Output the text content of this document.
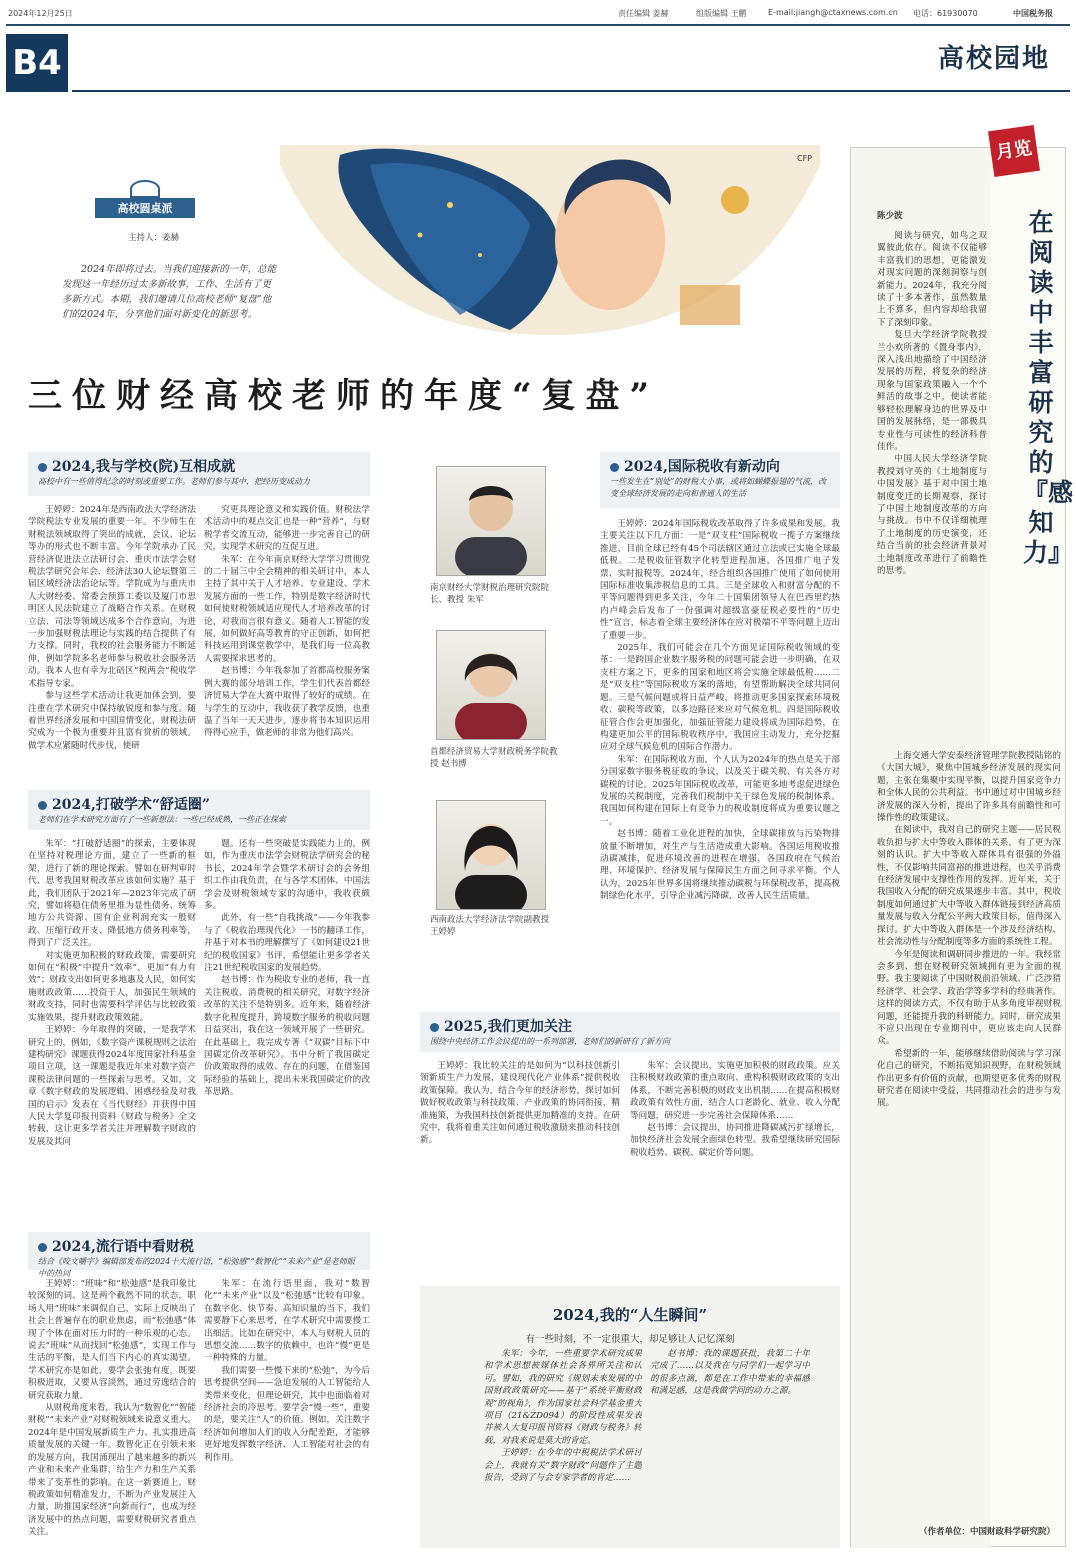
2024年12月25日	责任编辑 姜赫	组版编辑 王鹏	E-mail:jiangh@ctaxnews.com.cn 电话：61930070	中国税务报
B4	高校园地
CFP
高校圆桌派
主持人：姜赫
2024年即将过去。当我们迎接新的一年，总能发现这一年经历过太多新故事，工作、生活有了更多新方式。本期，我们邀请几位高校老师“复盘”他们的2024年，分享他们面对新变化的新思考。
三位财经高校老师的年度“复盘”
2024,我与学校(院)互相成就
高校中有一些值得纪念的时刻或重要工作。老师们参与其中，把经历变成动力

王婷婷：2024年是西南政法大学经济法学院税法专业发展的重要一年。不少师生在财税法领域取得了突出的成就，会议、论坛等办的形式也不断丰富。今年学院承办了民营经济促进法立法研讨会、重庆市法学会财税法学研究会年会、经济法30人论坛暨第三届区域经济法治论坛等。学院成为与重庆市人大财经委、常委会预算工委以及厦门市思明区人民法院建立了战略合作关系。在财税立法、司法等领域达成多个合作意向，为进一步加强财税法理论与实践的结合提供了有力支撑。同时，我校的社会服务能力不断延伸，例如学院多名老师参与税收社会服务活动。我本人也有幸为北碚区“税两会”税收学术指导专家。

参与这些学术活动让我更加体会到，要注重在学术研究中保持敏锐度和参与度。随着世界经济发展和中国国情变化，财税法研究成为一个极为重要并且富有赏析的领域。做学术应紧随时代步伐，使研

究更具理论意义和实践价值。财税法学术活动中的观点交汇也是一种“营养”，与财税学者交流互动，能够进一步完善自己的研究，实现学术研究的互促互进。

朱军：在今年南京财经大学学习贯彻党的二十届三中全会精神的相关研讨中，本人主持了其中关于人才培养、专业建设、学术发展方面的一些工作，特别是数字经济时代如何使财税领域适应现代人才培养改革的讨论，对我而言很有意义。随着人工智能的发展，如何做好高等教育的守正创新，如何把科技运用到课堂教学中，是我们每一位高教人需要探求思考的。

赵书博：今年我参加了首都高校服务案例大赛的部分培训工作，学生们代表首都经济贸易大学在大赛中取得了较好的成绩。在与学生的互动中，我收获了教学反馈，也重温了当年一天天进步，逐步将书本知识运用得得心应手，做老师的非常为他们高兴。

2024,打破学术“舒适圈”
老师们在学术研究方面有了一些新想法：一些已经成熟，一些正在探索

朱军：“打破舒适圈”的探索，主要体现在坚持对税理论方面，建立了一些新的框架，进行了新的理论探索。譬如在研判审时代、思考我国财税改革应该如何实施？基于此，我们团队于2021年—2023年完成了研究，譬如将稳住债务里推为显性债务、统筹地方公共资源、国有企业利润充实一般财政、压缩行政开支、降低地方债务利率等，得到了广泛关注。

对实施更加积极的财政政策，需要研究如何在“积极”中提升“效率”，更加“有力有效”；财政支出如何更多地惠及人民，如何实施财政政策……投资于人，加强民生领域的财政支持，同时也需要科学评估与比较政策实施效果，提升财政政策效能。

王婷婷：今年取得的突破，一是我学术研究上的，例如，《数字资产课税规则之法治建构研究》课题获得2024年度国家社科基金项目立项，这一课题是我近年来对数字资产课税法律问题的一些探索与思考。又如，文章《数字财政的发展逻辑、困惑经验及对我国的启示》发表在《当代财经》并获得中国人民大学复印报刊资料《财政与税务》全文转载，这让更多学者关注并理解数字财政的发展及其问

题。还有一些突破是实践能力上的，例如，作为重庆市法学会财税法学研究会的秘书长，2024年学会暨学术研讨会的会务组织工作由我负责，在与各学术团体、中国法学会及财税领域专家的沟通中，我收获颇多。

此外，有一些“自我挑战”——今年我参与了《税收治理现代化》一书的翻译工作，并基于对本书的理解撰写了《如何建设21世纪的税收国家》书评，希望能让更多学者关注21世纪税收国家的发展趋势。

赵书博：作为税收专业的老师，我一直关注税收、消费税的相关研究，对数字经济改革的关注不是特别多。近年来，随着经济数字化程度提升，跨境数字服务的税收问题日益突出，我在这一领域开展了一些研究。在此基础上，我完成专著《“双碳”目标下中国碳定价改革研究》。书中分析了我国碳定价政策取得的成效、存在的问题，在借鉴国际经验的基础上，提出未来我国碳定价的改革思路。

2024,流行语中看财税
结合《咬文嚼字》编辑部发布的2024十大流行语，“松弛感”“数智化”“未来产业”是老师眼中的热词

王婷婷：“班味”和“松弛感”是我印象比较深刻的词。这是两个截然不同的状态，职场人用“班味”来调侃自己，实际上反映出了社会上普遍存在的职业焦虑，而“松弛感”体现了个体在面对压力时的一种乐观的心态。说去“班味”从而找回“松弛感”，实现工作与生活的平衡，是人们当下内心的真实渴望。学术研究亦是如此，要学会张弛有度，既要积极进取，又要从容淡然，通过劳逸结合的研究获取力量。

从财税角度来看，我认为“数智化”“智能财税”“未来产业”对财税领域来说意义重大。2024年是中国发展新质生产力、扎实推进高质量发展的关键一年。数智化正在引领未来的发展方向，我国涌现出了越来越多的新兴产业和未来产业集群，给生产力和生产关系带来了变革性的影响。在这一新赛道上，财税政策如何精准发力，不断为产业发展注入力量，助推国家经济“向新而行”，也成为经济发展中的热点问题，需要财税研究者重点关注。

朱军：在流行语里面，我对“数智化”“未来产业”以及“松弛感”比较有印象。在数字化、快节奏、高知识量的当下，我们需要静下心来思考，在学术研究中需要慢工出细活。比如在研究中，本人与财税人员的思想交流……数字的依赖中，也许“慢”更是一种特殊的力量。

我们需要一些慢下来的“松弛”，为今后思考提供空间——急迫发展的人工智能给人类带来变化，但理论研究，其中也面临着对经济社会的冷思考。要学会“慢一些”，重要的是，要关注“人”的价值。例如，关注数字经济如何增加人们的收入分配差距，才能够更好地发挥数字经济、人工智能对社会的有利作用。

南京财经大学财税治理研究院院长、教授 朱军
首都经济贸易大学财政税务学院教授 赵书博
西南政法大学经济法学院副教授 王婷婷
2024,国际税收有新动向
一些发生在“别处”的财税大小事，或将如蝴蝶振翅的气流，改变全球经济发展的走向和普通人的生活

王婷婷：2024年国际税收改革取得了许多成果和发展。我主要关注以下几方面：一是“双支柱”国际税收一揽子方案继续推进，目前全球已经有45个司法辖区通过立法或已实施全球最低税。二是税收征管数字化转型进程加速，各国推广电子发票、实时报税等。2024年，经合组织各国推广使用了如何使用国际标准收集涉税信息的工具。三是全球收入和财富分配的不平等问题得到更多关注，今年二十国集团领导人在巴西里约热内卢峰会后发布了一份强调对超级富豪征税必要性的“历史性”宣言，标志着全球主要经济体在应对极端不平等问题上迈出了重要一步。

2025年，我们可能会在几个方面见证国际税收领域的变革：一是跨国企业数字服务税的问题可能会进一步明确，在双支柱方案之下，更多的国家和地区将会实施全球最低税……二是“双支柱”等国际税收方案的落地，有望帮助解决全球共同问题。三是气候问题或将日益严峻，将推动更多国家探索环境税收、碳税等政策，以多边路径来应对气候危机。四是国际税收征管合作会更加强化，加强征管能力建设将成为国际趋势，在构建更加公平的国际税收秩序中，我国应主动发力，充分挖掘应对全球气候危机的国际合作潜力。

朱军：在国际税收方面，个人认为2024年的热点是关于部分国家数字服务税征收的争议，以及关于碳关税、有关各方对碳税的讨论。2025年国际税收改革，可能更多地考虑促进绿色发展的关税制度，完善我们税制中关于绿色发展的税制体系。我国如何构建在国际上有竞争力的税收制度将成为重要议题之一。

赵书博：随着工业化进程的加快，全球碳排放与污染物排放量不断增加，对生产与生活造成重大影响。各国运用税收推动碳减排，促进环境改善的进程在增强，各国政府在气候治理、环境保护、经济发展与保障民生方面之间寻求平衡。个人认为，2025年世界多国将继续推动碳税与环保税改革，提高税制绿色化水平，引导企业减污降碳，改善人民生活质量。

2025,我们更加关注
围绕中央经济工作会议提出的一系列部署，老师们的新研有了新方向

王婷婷：我比较关注的是如何为“以科技创新引领新质生产力发展，建设现代化产业体系”提供税收政策保障。我认为，结合今年的经济形势，探讨如何做好税收政策与科技政策、产业政策的协同衔接，精准施策，为我国科技创新提供更加精准的支持。在研究中，我将着重关注如何通过税收激励来推动科技创新。

朱军：会议提出，实施更加积极的财政政策。应关注积极财政政策的重点取向、重构积极财政政策的支出体系，不断完善积极的财政支出机制……在提高积极财政政策有效性方面，结合人口老龄化、就业、收入分配等问题，研究进一步完善社会保障体系……

赵书博：会议提出，协同推进降碳减污扩绿增长，加快经济社会发展全面绿色转型。我希望继续研究国际税收趋势、碳税、碳定价等问题。

2024,我的“人生瞬间”
有一些时刻，不一定很重大，却足够让人记忆深刻

朱军：今年，一些重要学术研究成果和学术思想被媒体社会各界所关注和认可。譬如，我的研究《规划未来发展的中国财政政策研究——基于“系统平衡财政观”的视角》，作为国家社会科学基金重大项目（21&ZD094）的阶段性成果发表并被人大复印报刊资料《财政与税务》转载，对我来说是莫大的肯定。

王婷婷：在今年的中税税法学术研讨会上，我就有关“数字财政”问题作了主题报告，受到了与会专家学者的肯定……

赵书博：我的课题获批，我第二十年完成了……以及我在与同学们一起学习中的很多点滴，都是在工作中带来的幸福感和满足感，这是我做学问的动力之源。

月览
陈少波	在阅读中丰富研究的『感知力』

阅读与研究，如鸟之双翼彼此依存。阅读不仅能够丰富我们的思想，更能激发对现实问题的深刻洞察与创新能力。2024年，我充分阅读了十多本著作，虽然数量上不算多，但内容却给我留下了深刻印象。

复旦大学经济学院教授兰小欢所著的《置身事内》，深入浅出地描绘了中国经济发展的历程，将复杂的经济现象与国家政策融入一个个鲜活的故事之中，使读者能够轻松理解身边的世界及中国的发展脉络，是一部极具专业性与可读性的经济科普佳作。

中国人民大学经济学院教授刘守英的《土地制度与中国发展》基于对中国土地制度变迁的长期观察，探讨了中国土地制度改革的方向与挑战。书中不仅详细梳理了土地制度的历史演变，还结合当前的社会经济背景对土地制度改革进行了前瞻性的思考。

上海交通大学安泰经济管理学院教授陆铭的《大国大城》，聚焦中国城乡经济发展的现实问题，主张在集聚中实现平衡，以提升国家竞争力和全体人民的公共利益。书中通过对中国城乡经济发展的深入分析，提出了许多具有前瞻性和可操作性的政策建议。

在阅读中，我对自己的研究主题——居民税收负担与扩大中等收入群体的关系，有了更为深刻的认识。扩大中等收入群体具有很强的外溢性，不仅影响共同富裕的推进进程，也关乎消费在经济发展中支撑性作用的发挥。近年来，关于我国收入分配的研究成果逐步丰富。其中，税收制度如何通过扩大中等收入群体链接到经济高质量发展与收入分配公平两大政策目标，值得深入探讨。扩大中等收入群体是一个涉及经济结构、社会流动性与分配制度等多方面的系统性工程。

今年是阅读和调研同步推进的一年。我经常会多到、想在财税研究领域拥有更为全面的视野。我主要阅读了中国财税前沿领域、广泛涉猎经济学、社会学、政治学等多学科的经典著作。这样的阅读方式，不仅有助于从多角度审视财税问题，还能提升我的科研能力。同时，研究成果不应只出现在专业期刊中，更应该走向人民群众。

希望新的一年，能够继续借助阅读与学习深化自己的研究，不断拓宽知识视野，在财税领域作出更多有价值的贡献，也期望更多优秀的财税研究者在阅读中受益，共同推动社会的进步与发展。

（作者单位：中国财政科学研究院）
